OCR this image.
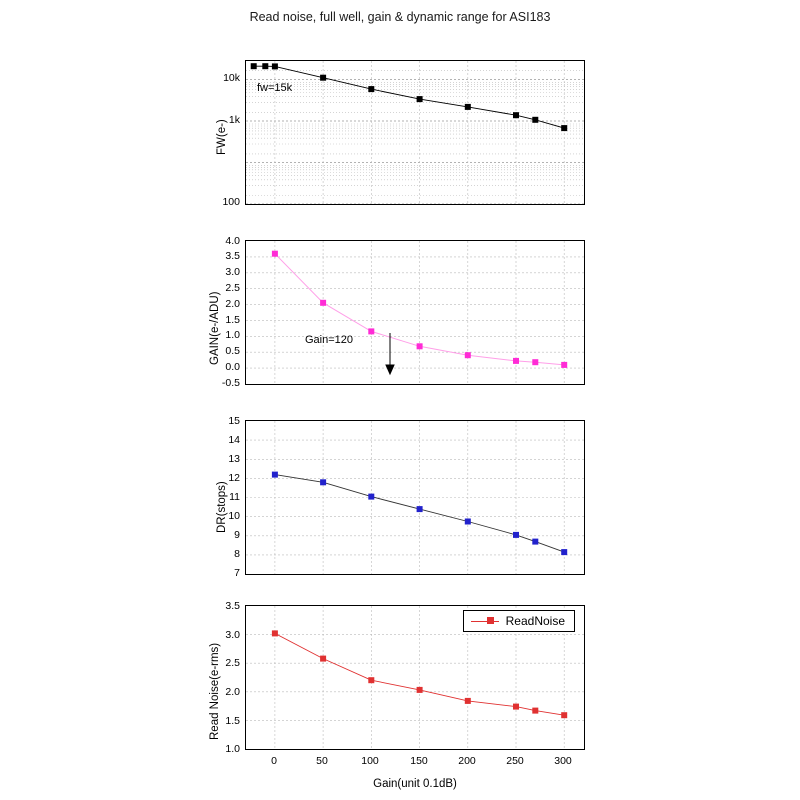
Read noise, full well, gain & dynamic range for ASI183
FW(e-)
10k
1k
100
fw=15k
GAIN(e-/ADU)
4.0
3.5
3.0
2.5
2.0
1.5
1.0
0.5
0.0
-0.5
Gain=120
DR(stops)
15
14
13
12
11
10
9
8
7
ReadNoise
Read Noise(e-rms)
3.5
3.0
2.5
2.0
1.5
1.0
0	50	100	150	200	250	300
Gain(unit 0.1dB)
